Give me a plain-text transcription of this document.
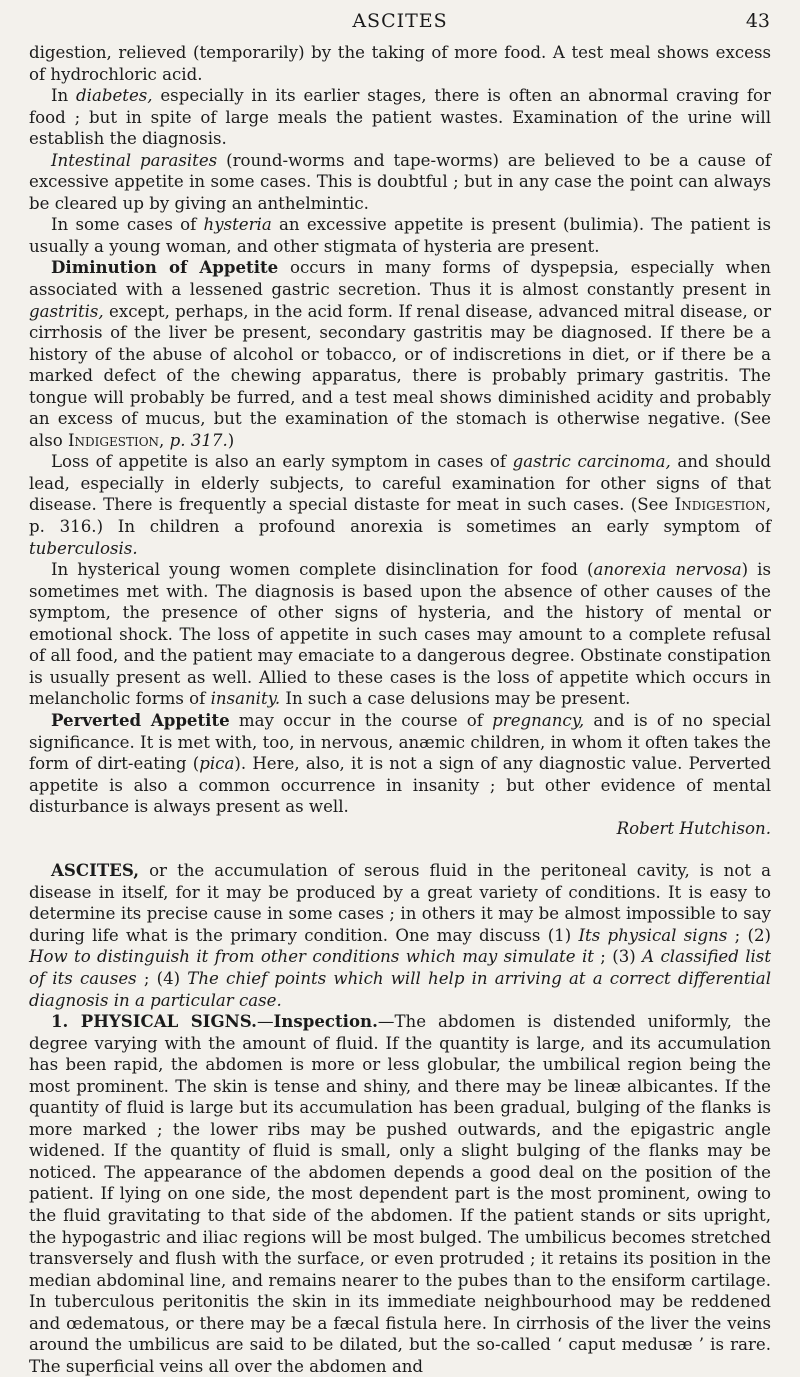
ASCITES	43

digestion, relieved (temporarily) by the taking of more food. A test meal shows excess of hydrochloric acid.

In diabetes, especially in its earlier stages, there is often an abnormal craving for food ; but in spite of large meals the patient wastes. Examination of the urine will establish the diagnosis.

Intestinal parasites (round-worms and tape-worms) are believed to be a cause of excessive appetite in some cases. This is doubtful ; but in any case the point can always be cleared up by giving an anthelmintic.

In some cases of hysteria an excessive appetite is present (bulimia). The patient is usually a young woman, and other stigmata of hysteria are present.

Diminution of Appetite occurs in many forms of dyspepsia, especially when associated with a lessened gastric secretion. Thus it is almost constantly present in gastritis, except, perhaps, in the acid form. If renal disease, advanced mitral disease, or cirrhosis of the liver be present, secondary gastritis may be diagnosed. If there be a history of the abuse of alcohol or tobacco, or of indiscretions in diet, or if there be a marked defect of the chewing apparatus, there is probably primary gastritis. The tongue will probably be furred, and a test meal shows diminished acidity and probably an excess of mucus, but the examination of the stomach is otherwise negative. (See also Indigestion, p. 317.)

Loss of appetite is also an early symptom in cases of gastric carcinoma, and should lead, especially in elderly subjects, to careful examination for other signs of that disease. There is frequently a special distaste for meat in such cases. (See Indigestion, p. 316.) In children a profound anorexia is sometimes an early symptom of tuberculosis.

In hysterical young women complete disinclination for food (anorexia nervosa) is sometimes met with. The diagnosis is based upon the absence of other causes of the symptom, the presence of other signs of hysteria, and the history of mental or emotional shock. The loss of appetite in such cases may amount to a complete refusal of all food, and the patient may emaciate to a dangerous degree. Obstinate constipation is usually present as well. Allied to these cases is the loss of appetite which occurs in melancholic forms of insanity. In such a case delusions may be present.

Perverted Appetite may occur in the course of pregnancy, and is of no special significance. It is met with, too, in nervous, anæmic children, in whom it often takes the form of dirt-eating (pica). Here, also, it is not a sign of any diagnostic value. Perverted appetite is also a common occurrence in insanity ; but other evidence of mental disturbance is always present as well.

Robert Hutchison.

ASCITES, or the accumulation of serous fluid in the peritoneal cavity, is not a disease in itself, for it may be produced by a great variety of conditions. It is easy to determine its precise cause in some cases ; in others it may be almost impossible to say during life what is the primary condition. One may discuss (1) Its physical signs ; (2) How to distinguish it from other conditions which may simulate it ; (3) A classified list of its causes ; (4) The chief points which will help in arriving at a correct differential diagnosis in a particular case.

1. PHYSICAL SIGNS.—Inspection.—The abdomen is distended uniformly, the degree varying with the amount of fluid. If the quantity is large, and its accumulation has been rapid, the abdomen is more or less globular, the umbilical region being the most prominent. The skin is tense and shiny, and there may be lineæ albicantes. If the quantity of fluid is large but its accumulation has been gradual, bulging of the flanks is more marked ; the lower ribs may be pushed outwards, and the epigastric angle widened. If the quantity of fluid is small, only a slight bulging of the flanks may be noticed. The appearance of the abdomen depends a good deal on the position of the patient. If lying on one side, the most dependent part is the most prominent, owing to the fluid gravitating to that side of the abdomen. If the patient stands or sits upright, the hypogastric and iliac regions will be most bulged. The umbilicus becomes stretched transversely and flush with the surface, or even protruded ; it retains its position in the median abdominal line, and remains nearer to the pubes than to the ensiform cartilage. In tuberculous peritonitis the skin in its immediate neighbourhood may be reddened and œdematous, or there may be a fæcal fistula here. In cirrhosis of the liver the veins around the umbilicus are said to be dilated, but the so-called ‘ caput medusæ ’ is rare. The superficial veins all over the abdomen and
